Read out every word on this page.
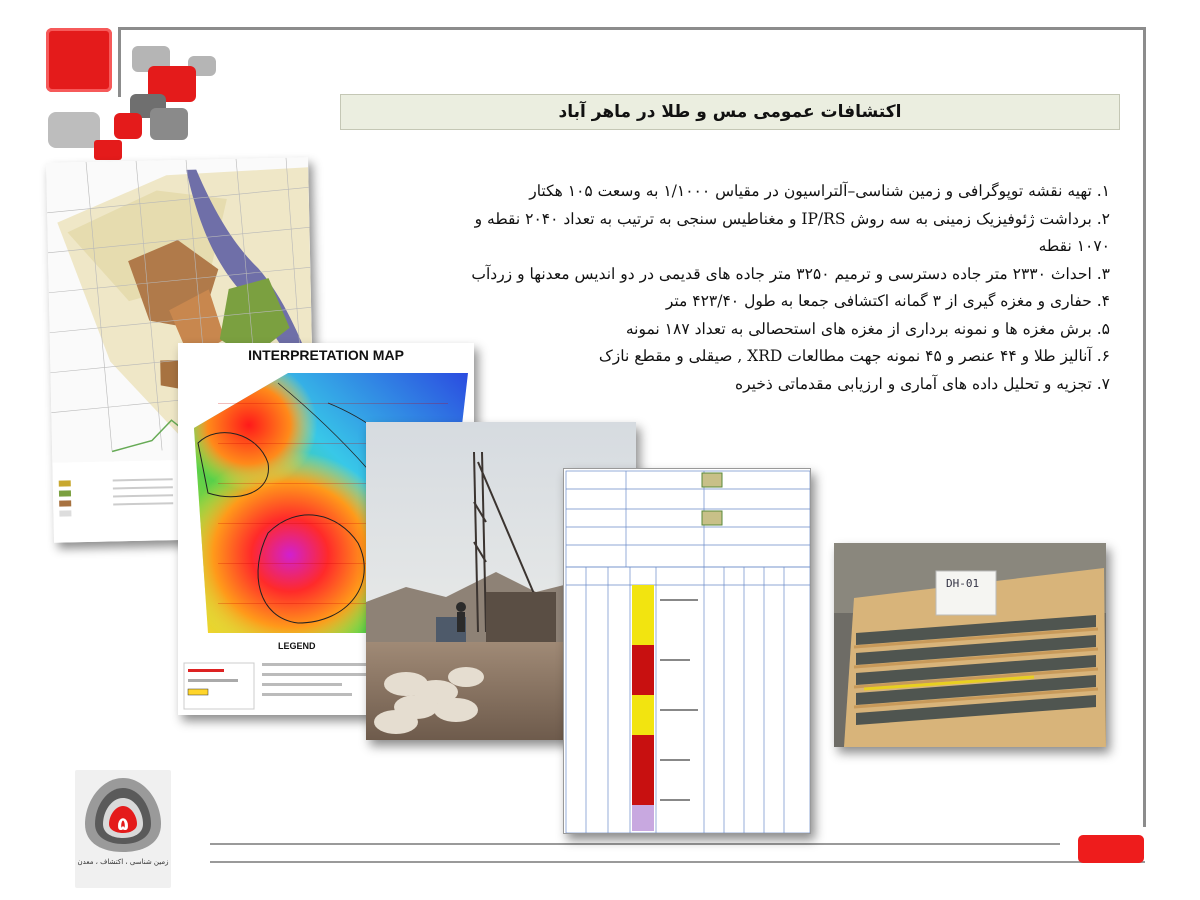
اکتشافات عمومی مس و طلا در ماهر آباد
۱. تهیه نقشه توپوگرافی و زمین شناسی–آلتراسیون در مقیاس ۱/۱۰۰۰ به وسعت ۱۰۵ هکتار
۲. برداشت ژئوفیزیک زمینی به سه روش IP/RS و مغناطیس سنجی به ترتیب به تعداد ۲۰۴۰ نقطه و ۱۰۷۰ نقطه
۳. احداث ۲۳۳۰ متر جاده دسترسی و ترمیم ۳۲۵۰ متر جاده های قدیمی در دو اندیس معدنها و زردآب
۴. حفاری و مغزه گیری از ۳ گمانه اکتشافی جمعا به طول ۴۲۳/۴۰ متر
۵. برش مغزه ها و نمونه برداری از مغزه های استحصالی به تعداد ۱۸۷ نمونه
۶. آنالیز طلا و ۴۴ عنصر و ۴۵ نمونه جهت مطالعات XRD , صیقلی و مقطع نازک
۷. تجزیه و تحلیل داده های آماری و ارزیابی مقدماتی ذخیره
INTERPRETATION MAP
LEGEND
DH-01
۵
زمین شناسی ، اکتشاف ، معدن
